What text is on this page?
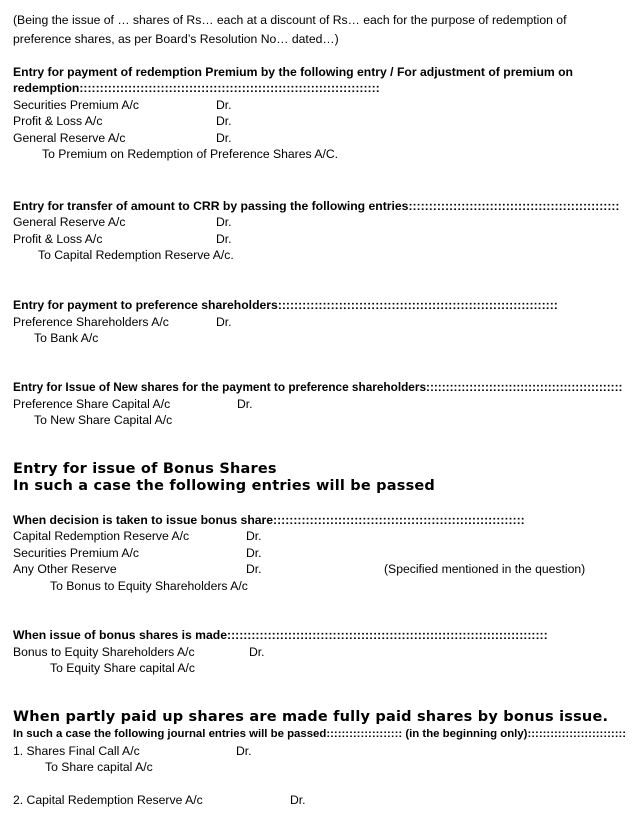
(Being the issue of … shares of Rs… each at a discount of Rs… each for the purpose of redemption of
preference shares, as per Board’s Resolution No… dated…)
Entry for payment of redemption Premium by the following entry / For adjustment of premium on
redemption::::::::::::::::::::::::::::::::::::::::::::::::::::::::::::::::::::::::::
Securities Premium A/c	Dr.
Profit & Loss A/c	Dr.
General Reserve A/c	Dr.
To Premium on Redemption of Preference Shares A/C.
Entry for transfer of amount to CRR by passing the following entries::::::::::::::::::::::::::::::::::::::::::::::::::::
General Reserve A/c	Dr.
Profit & Loss A/c	Dr.
To Capital Redemption Reserve A/c.
Entry for payment to preference shareholders:::::::::::::::::::::::::::::::::::::::::::::::::::::::::::::::::::::
Preference Shareholders A/c	Dr.
To Bank A/c
Entry for Issue of New shares for the payment to preference shareholders::::::::::::::::::::::::::::::::::::::::::::::::::
Preference Share Capital A/c	Dr.
To New Share Capital A/c
Entry for issue of Bonus Shares
In such a case the following entries will be passed
When decision is taken to issue bonus share::::::::::::::::::::::::::::::::::::::::::::::::::::::::::::::
Capital Redemption Reserve A/c	Dr.
Securities Premium A/c	Dr.
Any Other Reserve	Dr.	(Specified mentioned in the question)
To Bonus to Equity Shareholders A/c
When issue of bonus shares is made:::::::::::::::::::::::::::::::::::::::::::::::::::::::::::::::::::::::::::::::
Bonus to Equity Shareholders A/c	Dr.
To Equity Share capital A/c
When partly paid up shares are made fully paid shares by bonus issue.
In such a case the following journal entries will be passed:::::::::::::::::::: (in the beginning only)::::::::::::::::::::::::::
1. Shares Final Call A/c	Dr.
To Share capital A/c
2. Capital Redemption Reserve A/c	Dr.
